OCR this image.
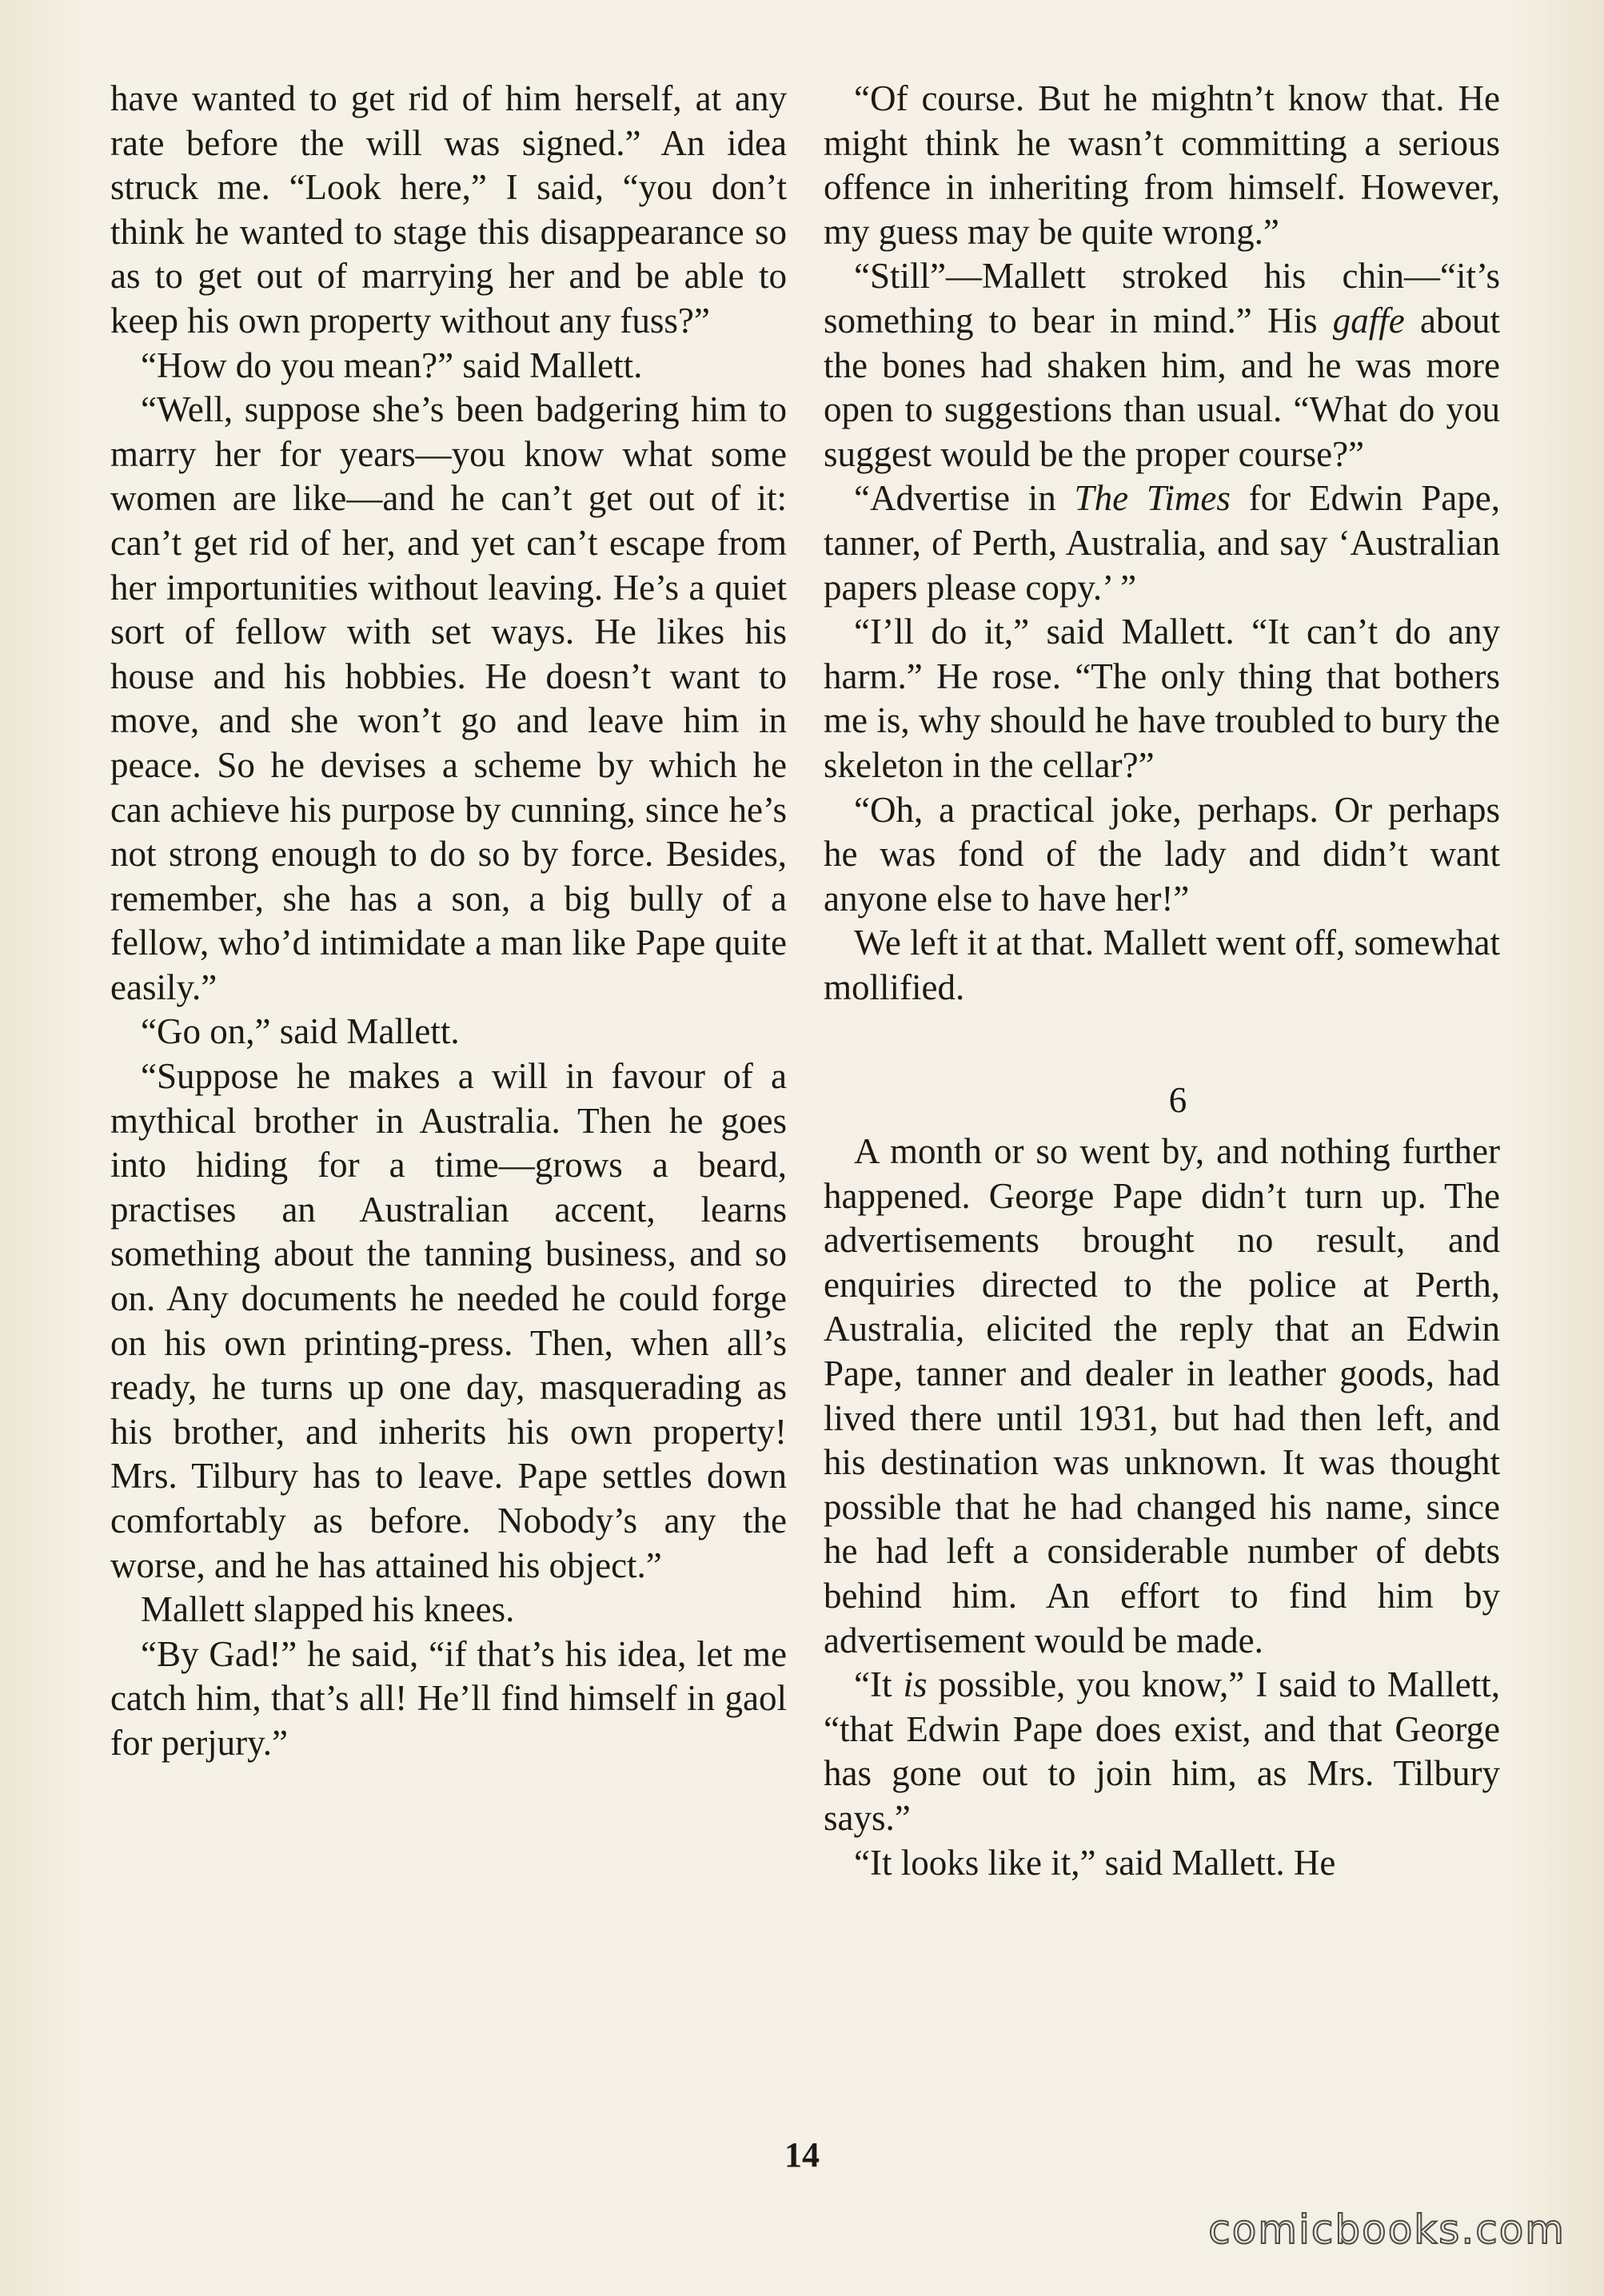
have wanted to get rid of him herself, at any rate before the will was signed.” An idea struck me. “Look here,” I said, “you don’t think he wanted to stage this disappearance so as to get out of marrying her and be able to keep his own property without any fuss?”

“How do you mean?” said Mallett.

“Well, suppose she’s been badgering him to marry her for years—you know what some women are like—and he can’t get out of it: can’t get rid of her, and yet can’t escape from her importunities without leaving. He’s a quiet sort of fellow with set ways. He likes his house and his hobbies. He doesn’t want to move, and she won’t go and leave him in peace. So he devises a scheme by which he can achieve his purpose by cunning, since he’s not strong enough to do so by force. Besides, remember, she has a son, a big bully of a fellow, who’d intimidate a man like Pape quite easily.”

“Go on,” said Mallett.

“Suppose he makes a will in favour of a mythical brother in Australia. Then he goes into hiding for a time—grows a beard, practises an Australian accent, learns something about the tanning business, and so on. Any documents he needed he could forge on his own printing-press. Then, when all’s ready, he turns up one day, masquerading as his brother, and inherits his own property! Mrs. Tilbury has to leave. Pape settles down comfortably as before. Nobody’s any the worse, and he has attained his object.”

Mallett slapped his knees.

“By Gad!” he said, “if that’s his idea, let me catch him, that’s all! He’ll find himself in gaol for perjury.”

“Of course. But he mightn’t know that. He might think he wasn’t committing a serious offence in inheriting from himself. However, my guess may be quite wrong.”

“Still”—Mallett stroked his chin—“it’s something to bear in mind.” His gaffe about the bones had shaken him, and he was more open to suggestions than usual. “What do you suggest would be the proper course?”

“Advertise in The Times for Edwin Pape, tanner, of Perth, Australia, and say ‘Australian papers please copy.’ ”

“I’ll do it,” said Mallett. “It can’t do any harm.” He rose. “The only thing that bothers me is, why should he have troubled to bury the skeleton in the cellar?”

“Oh, a practical joke, perhaps. Or perhaps he was fond of the lady and didn’t want anyone else to have her!”

We left it at that. Mallett went off, somewhat mollified.

6

A month or so went by, and nothing further happened. George Pape didn’t turn up. The advertisements brought no result, and enquiries directed to the police at Perth, Australia, elicited the reply that an Edwin Pape, tanner and dealer in leather goods, had lived there until 1931, but had then left, and his destination was unknown. It was thought possible that he had changed his name, since he had left a considerable number of debts behind him. An effort to find him by advertisement would be made.

“It is possible, you know,” I said to Mallett, “that Edwin Pape does exist, and that George has gone out to join him, as Mrs. Tilbury says.”

“It looks like it,” said Mallett. He

14
comicbooks.com
